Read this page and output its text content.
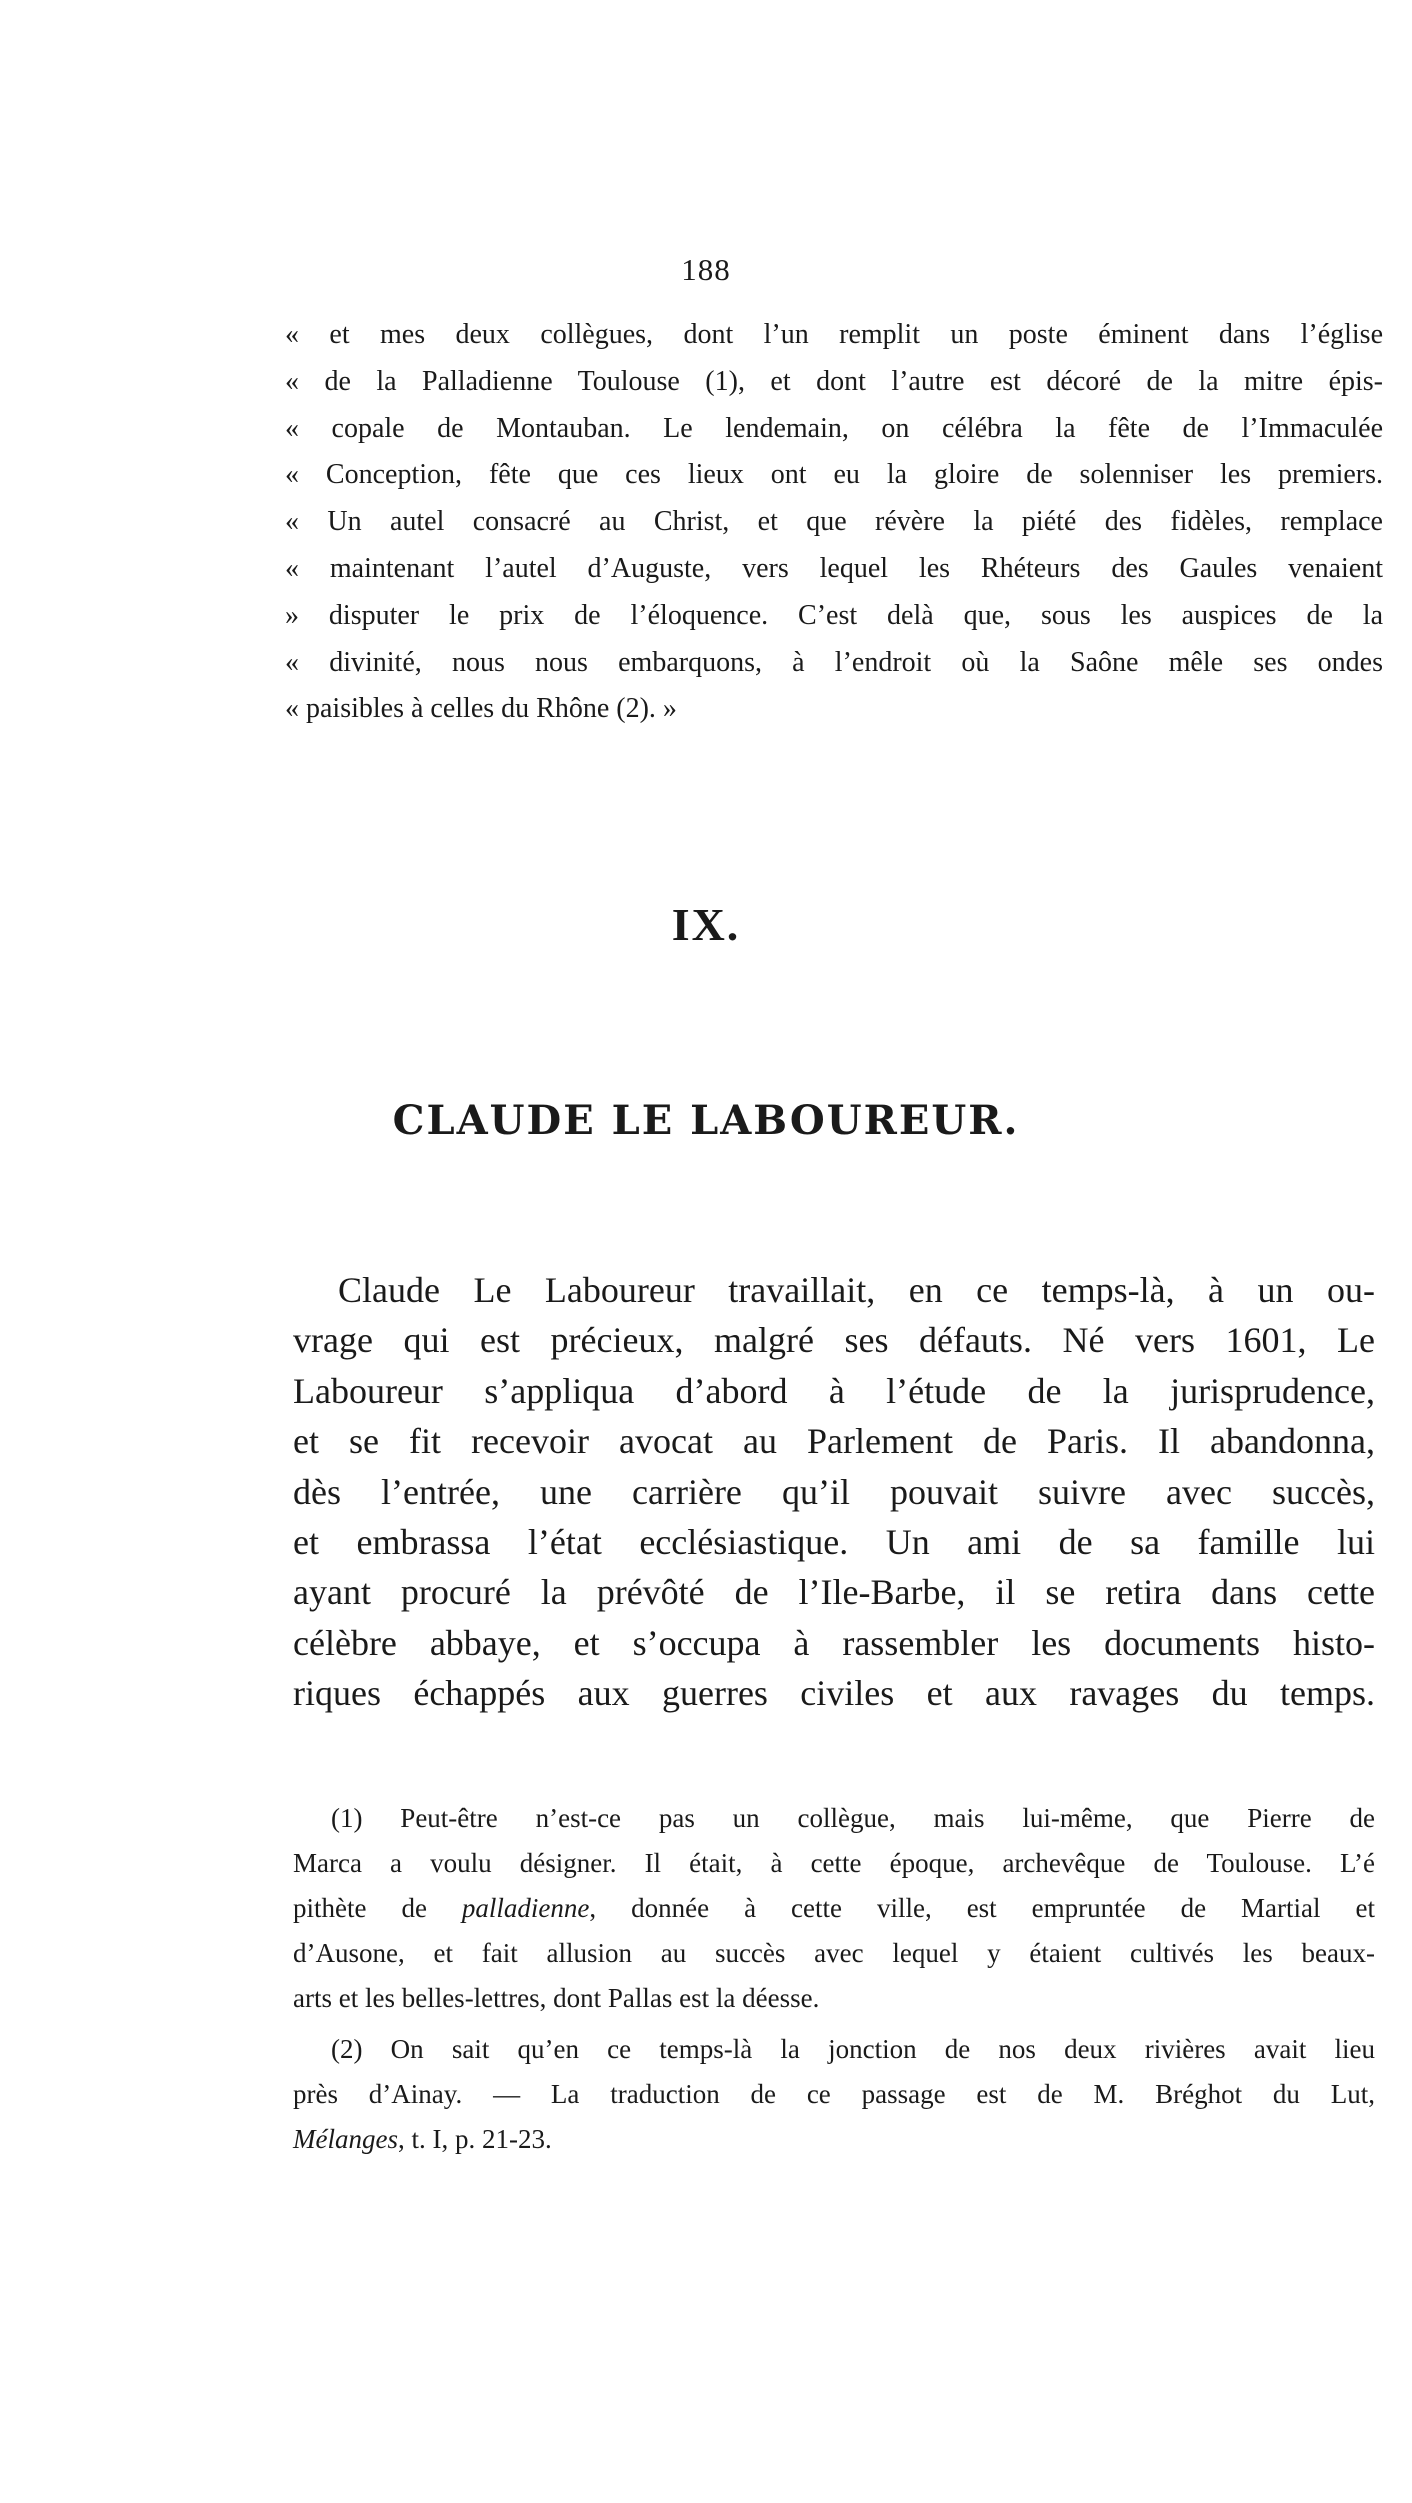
188
« et mes deux collègues, dont l’un remplit un poste éminent dans l’église
« de la Palladienne Toulouse (1), et dont l’autre est décoré de la mitre épis-
« copale de Montauban. Le lendemain, on célébra la fête de l’Immaculée
« Conception, fête que ces lieux ont eu la gloire de solenniser les premiers.
« Un autel consacré au Christ, et que révère la piété des fidèles, remplace
« maintenant l’autel d’Auguste, vers lequel les Rhéteurs des Gaules venaient
» disputer le prix de l’éloquence. C’est delà que, sous les auspices de la
« divinité, nous nous embarquons, à l’endroit où la Saône mêle ses ondes
« paisibles à celles du Rhône (2). »
IX.
CLAUDE LE LABOUREUR.
Claude Le Laboureur travaillait, en ce temps-là, à un ou-
vrage qui est précieux, malgré ses défauts. Né vers 1601, Le
Laboureur s’appliqua d’abord à l’étude de la jurisprudence,
et se fit recevoir avocat au Parlement de Paris. Il abandonna,
dès l’entrée, une carrière qu’il pouvait suivre avec succès,
et embrassa l’état ecclésiastique. Un ami de sa famille lui
ayant procuré la prévôté de l’Ile-Barbe, il se retira dans cette
célèbre abbaye, et s’occupa à rassembler les documents histo-
riques échappés aux guerres civiles et aux ravages du temps.
(1) Peut-être n’est-ce pas un collègue, mais lui-même, que Pierre de
Marca a voulu désigner. Il était, à cette époque, archevêque de Toulouse. L’é
pithète de palladienne, donnée à cette ville, est empruntée de Martial et
d’Ausone, et fait allusion au succès avec lequel y étaient cultivés les beaux-
arts et les belles-lettres, dont Pallas est la déesse.
(2) On sait qu’en ce temps-là la jonction de nos deux rivières avait lieu
près d’Ainay. — La traduction de ce passage est de M. Bréghot du Lut,
Mélanges, t. I, p. 21-23.
